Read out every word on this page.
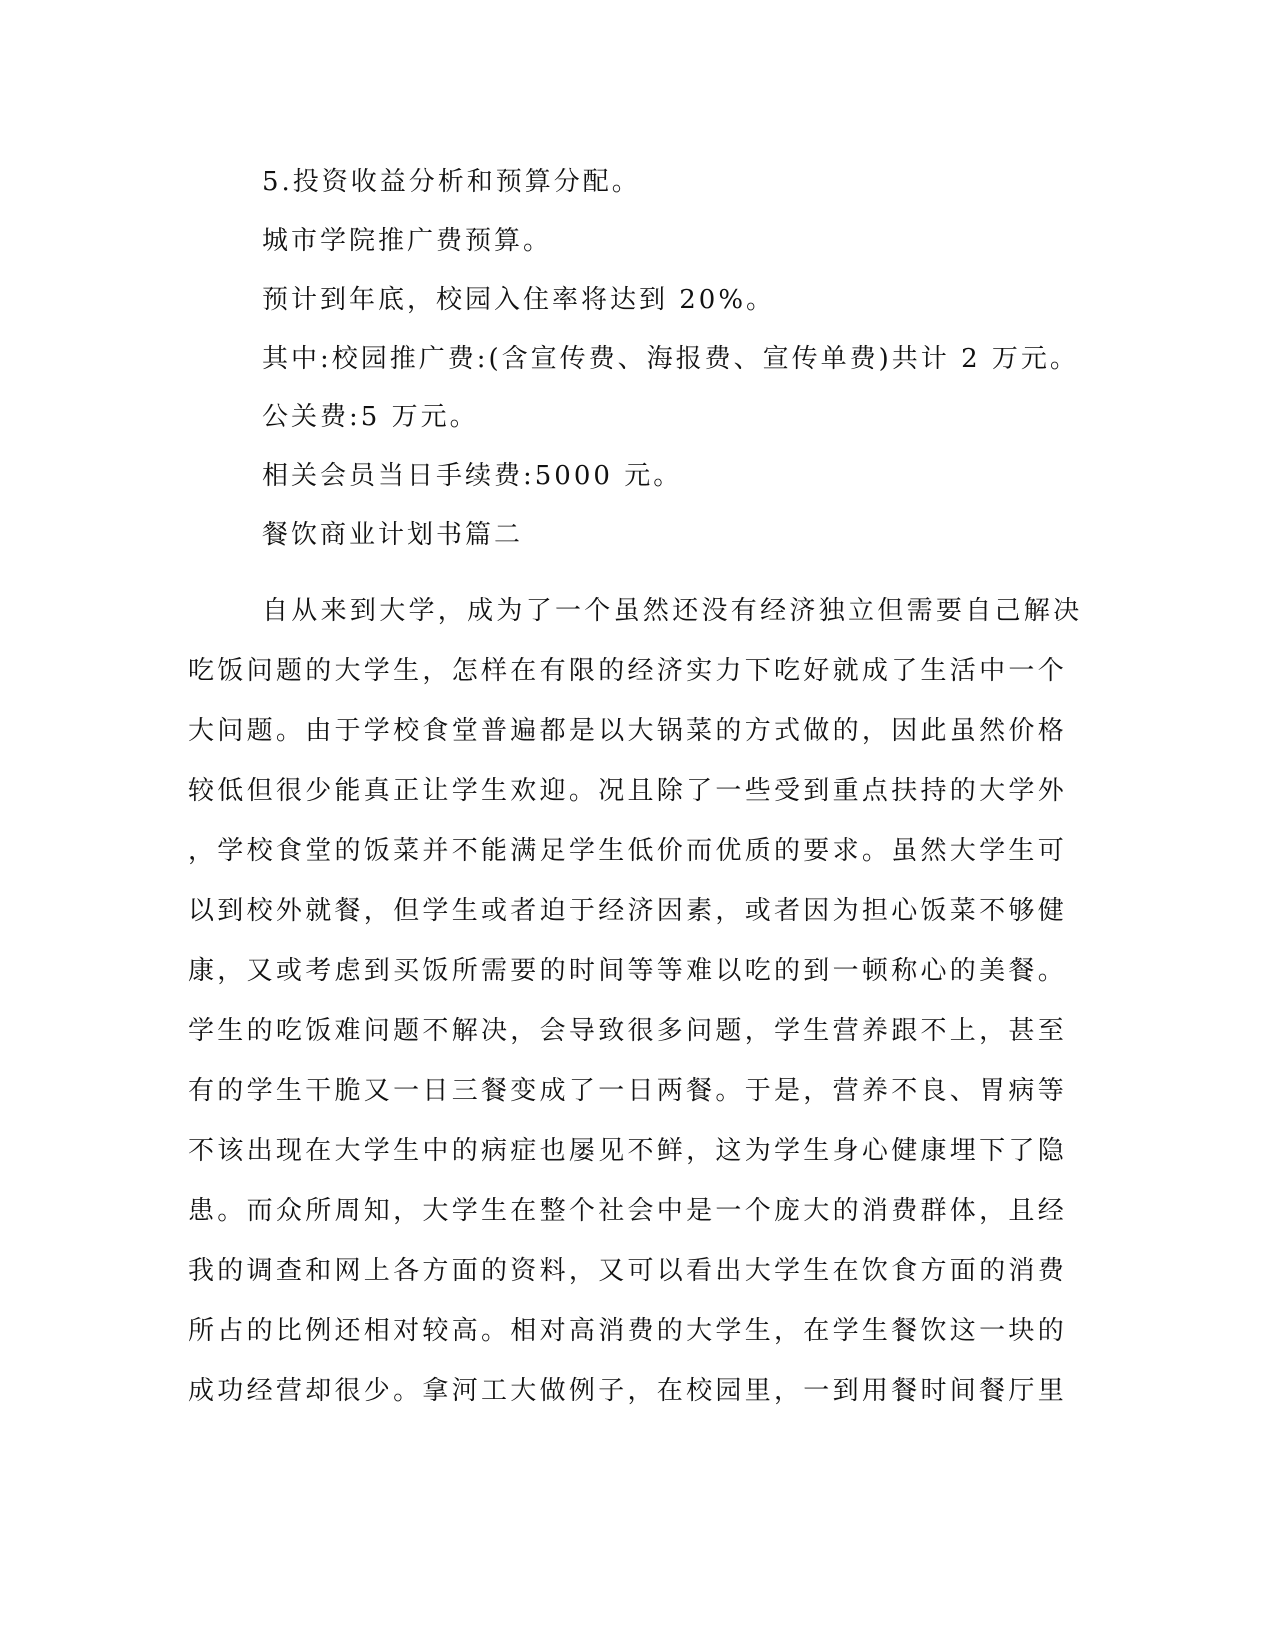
5.投资收益分析和预算分配。
城市学院推广费预算。
预计到年底，校园入住率将达到 20%。
其中:校园推广费:(含宣传费、海报费、宣传单费)共计 2 万元。
公关费:5 万元。
相关会员当日手续费:5000 元。
餐饮商业计划书篇二

自从来到大学，成为了一个虽然还没有经济独立但需要自己解决

吃饭问题的大学生，怎样在有限的经济实力下吃好就成了生活中一个

大问题。由于学校食堂普遍都是以大锅菜的方式做的，因此虽然价格

较低但很少能真正让学生欢迎。况且除了一些受到重点扶持的大学外

，学校食堂的饭菜并不能满足学生低价而优质的要求。虽然大学生可

以到校外就餐，但学生或者迫于经济因素，或者因为担心饭菜不够健

康，又或考虑到买饭所需要的时间等等难以吃的到一顿称心的美餐。

学生的吃饭难问题不解决，会导致很多问题，学生营养跟不上，甚至

有的学生干脆又一日三餐变成了一日两餐。于是，营养不良、胃病等

不该出现在大学生中的病症也屡见不鲜，这为学生身心健康埋下了隐

患。而众所周知，大学生在整个社会中是一个庞大的消费群体，且经

我的调查和网上各方面的资料，又可以看出大学生在饮食方面的消费

所占的比例还相对较高。相对高消费的大学生，在学生餐饮这一块的

成功经营却很少。拿河工大做例子，在校园里，一到用餐时间餐厅里
